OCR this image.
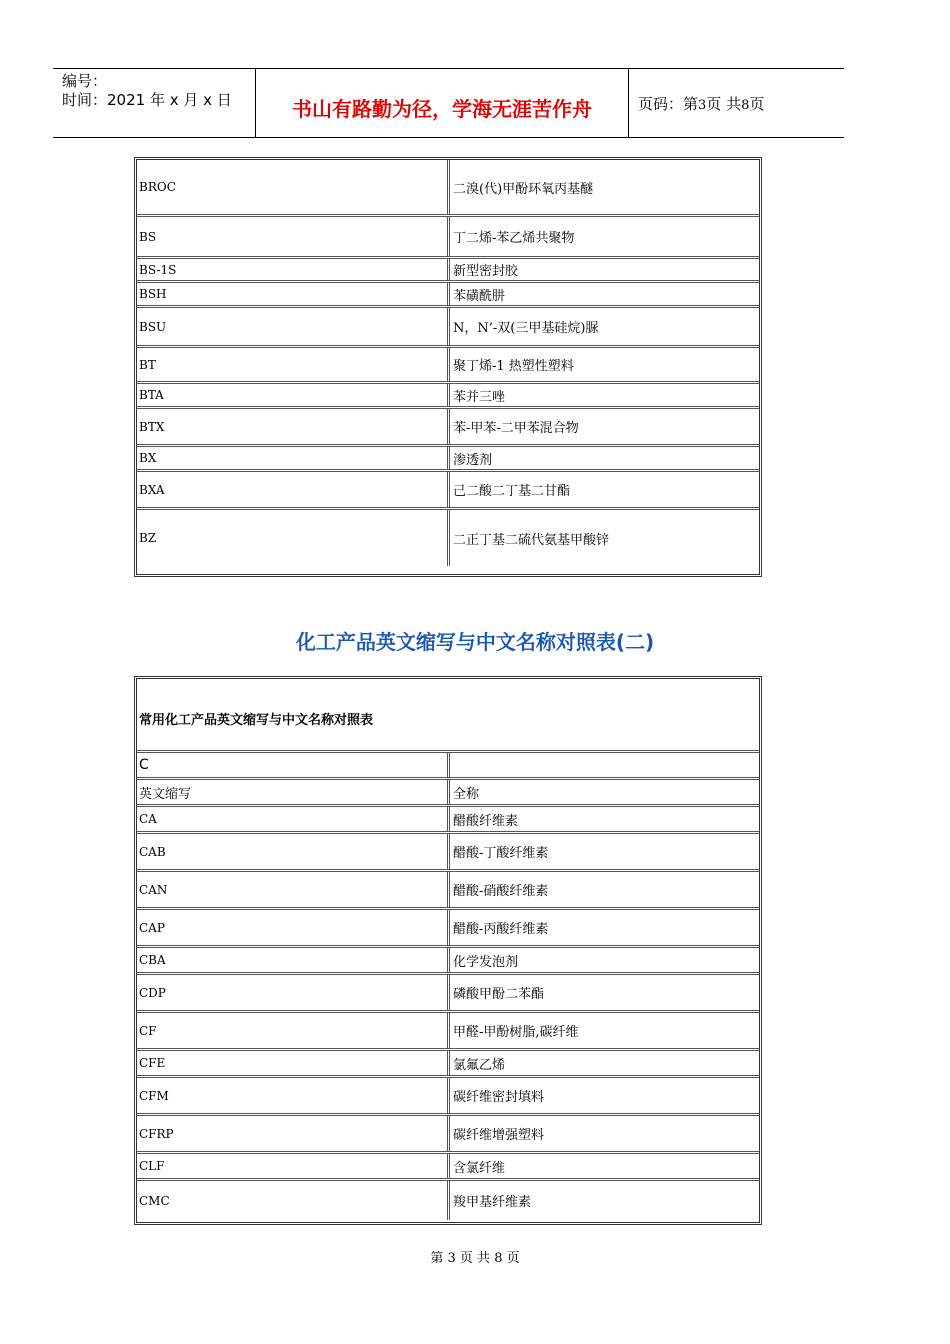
编号：
时间：2021 年 x 月 x 日	书山有路勤为径，学海无涯苦作舟	页码：第3页 共8页
BROC	二溴(代)甲酚环氧丙基醚
BS	丁二烯-苯乙烯共聚物
BS-1S	新型密封胶
BSH	苯磺酰肼
BSU	N，N’-双(三甲基硅烷)脲
BT	聚丁烯-1 热塑性塑料
BTA	苯并三唑
BTX	苯-甲苯-二甲苯混合物
BX	渗透剂
BXA	己二酸二丁基二甘酯
BZ	二正丁基二硫代氨基甲酸锌
化工产品英文缩写与中文名称对照表(二)
常用化工产品英文缩写与中文名称对照表
C
英文缩写	全称
CA	醋酸纤维素
CAB	醋酸-丁酸纤维素
CAN	醋酸-硝酸纤维素
CAP	醋酸-丙酸纤维素
CBA	化学发泡剂
CDP	磷酸甲酚二苯酯
CF	甲醛-甲酚树脂,碳纤维
CFE	氯氟乙烯
CFM	碳纤维密封填料
CFRP	碳纤维增强塑料
CLF	含氯纤维
CMC	羧甲基纤维素
第 3 页 共 8 页
